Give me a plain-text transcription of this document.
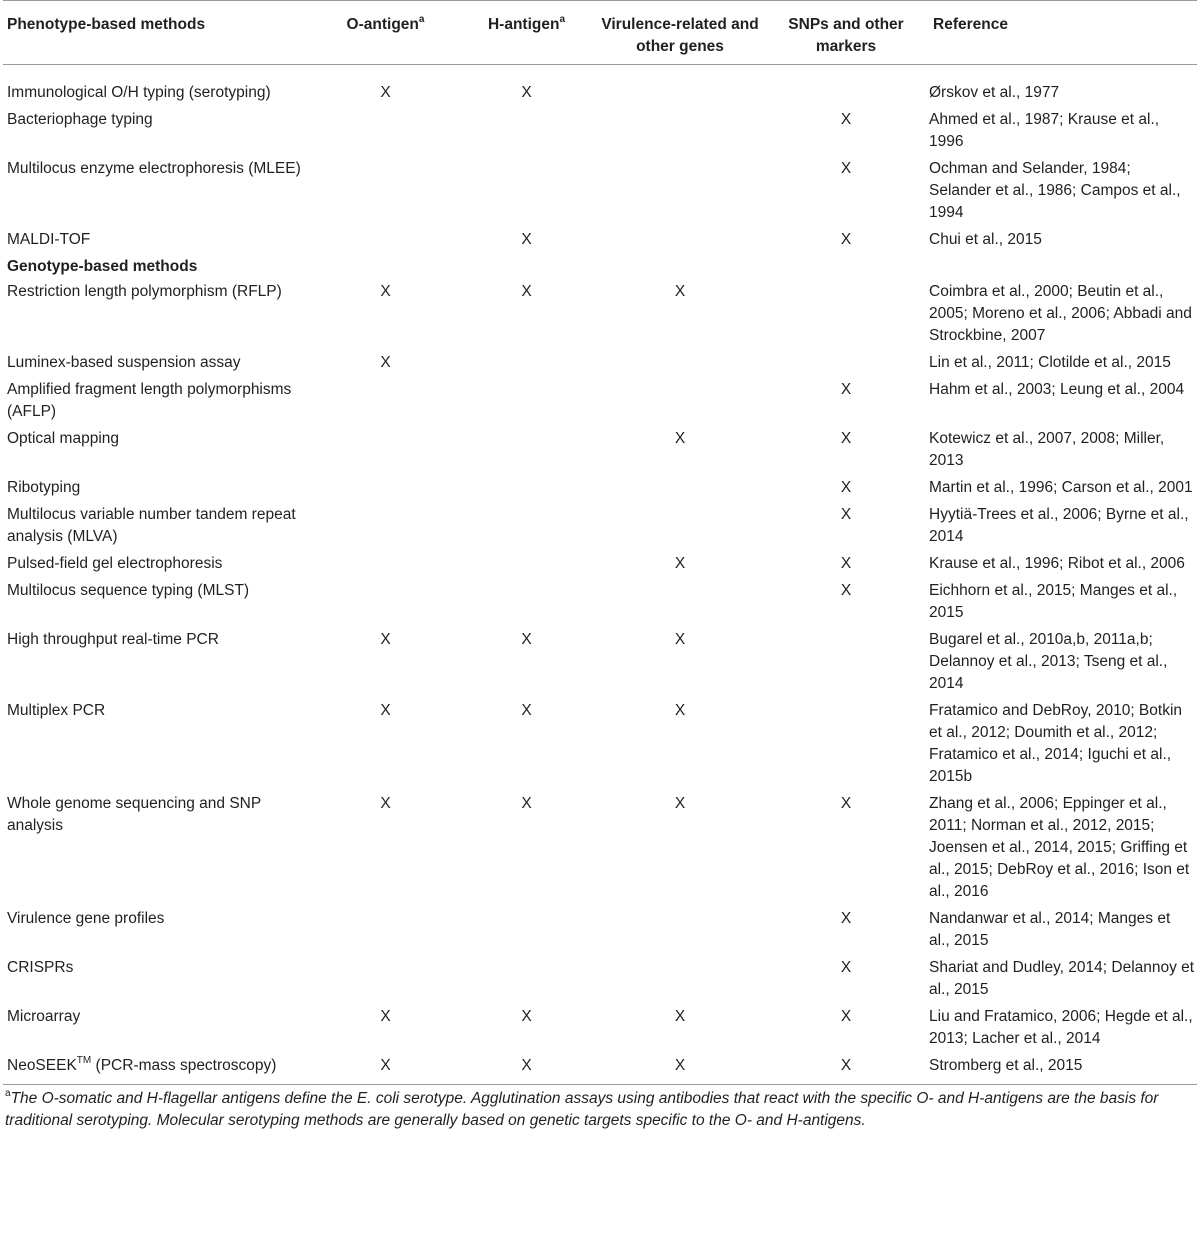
Phenotype-based methods	O-antigen$^a$	H-antigen$^a$	Virulence-related and other genes	SNPs and other markers	Reference
Immunological O/H typing (serotyping)	X	X			Ørskov et al., 1977
Bacteriophage typing				X	Ahmed et al., 1987; Krause et al., 1996
Multilocus enzyme electrophoresis (MLEE)				X	Ochman and Selander, 1984; Selander et al., 1986; Campos et al., 1994
MALDI-TOF		X		X	Chui et al., 2015
Genotype-based methods					
Restriction length polymorphism (RFLP)	X	X	X		Coimbra et al., 2000; Beutin et al., 2005; Moreno et al., 2006; Abbadi and Strockbine, 2007
Luminex-based suspension assay	X				Lin et al., 2011; Clotilde et al., 2015
Amplified fragment length polymorphisms (AFLP)				X	Hahm et al., 2003; Leung et al., 2004
Optical mapping			X	X	Kotewicz et al., 2007, 2008; Miller, 2013
Ribotyping				X	Martin et al., 1996; Carson et al., 2001
Multilocus variable number tandem repeat analysis (MLVA)				X	Hyytiä-Trees et al., 2006; Byrne et al., 2014
Pulsed-field gel electrophoresis			X	X	Krause et al., 1996; Ribot et al., 2006
Multilocus sequence typing (MLST)				X	Eichhorn et al., 2015; Manges et al., 2015
High throughput real-time PCR	X	X	X		Bugarel et al., 2010a,b, 2011a,b; Delannoy et al., 2013; Tseng et al., 2014
Multiplex PCR	X	X	X		Fratamico and DebRoy, 2010; Botkin et al., 2012; Doumith et al., 2012; Fratamico et al., 2014; Iguchi et al., 2015b
Whole genome sequencing and SNP analysis	X	X	X	X	Zhang et al., 2006; Eppinger et al., 2011; Norman et al., 2012, 2015; Joensen et al., 2014, 2015; Griffing et al., 2015; DebRoy et al., 2016; Ison et al., 2016
Virulence gene profiles				X	Nandanwar et al., 2014; Manges et al., 2015
CRISPRs				X	Shariat and Dudley, 2014; Delannoy et al., 2015
Microarray	X	X	X	X	Liu and Fratamico, 2006; Hegde et al., 2013; Lacher et al., 2014
NeoSEEK™ (PCR-mass spectroscopy)	X	X	X	X	Stromberg et al., 2015
$^a$The O-somatic and H-flagellar antigens define the E. coli serotype. Agglutination assays using antibodies that react with the specific O- and H-antigens are the basis for traditional serotyping. Molecular serotyping methods are generally based on genetic targets specific to the O- and H-antigens.
